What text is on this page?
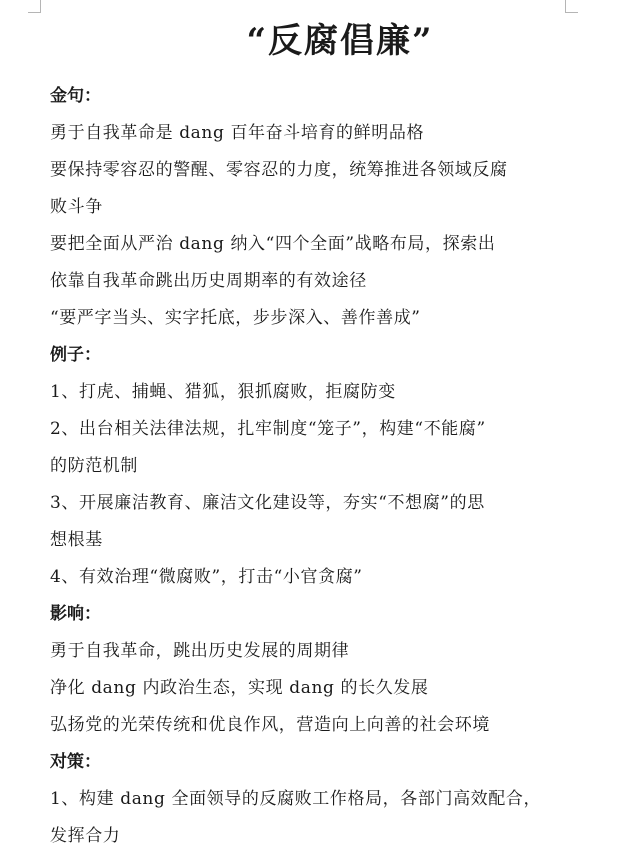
“反腐倡廉”
金句：
勇于自我革命是 dang 百年奋斗培育的鲜明品格
要保持零容忍的警醒、零容忍的力度，统筹推进各领域反腐
败斗争
要把全面从严治 dang 纳入“四个全面”战略布局，探索出
依靠自我革命跳出历史周期率的有效途径
“要严字当头、实字托底，步步深入、善作善成”
例子：
1、打虎、捕蝇、猎狐，狠抓腐败，拒腐防变
2、出台相关法律法规，扎牢制度“笼子”，构建“不能腐”
的防范机制
3、开展廉洁教育、廉洁文化建设等，夯实“不想腐”的思
想根基
4、有效治理“微腐败”，打击“小官贪腐”
影响：
勇于自我革命，跳出历史发展的周期律
净化 dang 内政治生态，实现 dang 的长久发展
弘扬党的光荣传统和优良作风，营造向上向善的社会环境
对策：
1、构建 dang 全面领导的反腐败工作格局，各部门高效配合，
发挥合力
